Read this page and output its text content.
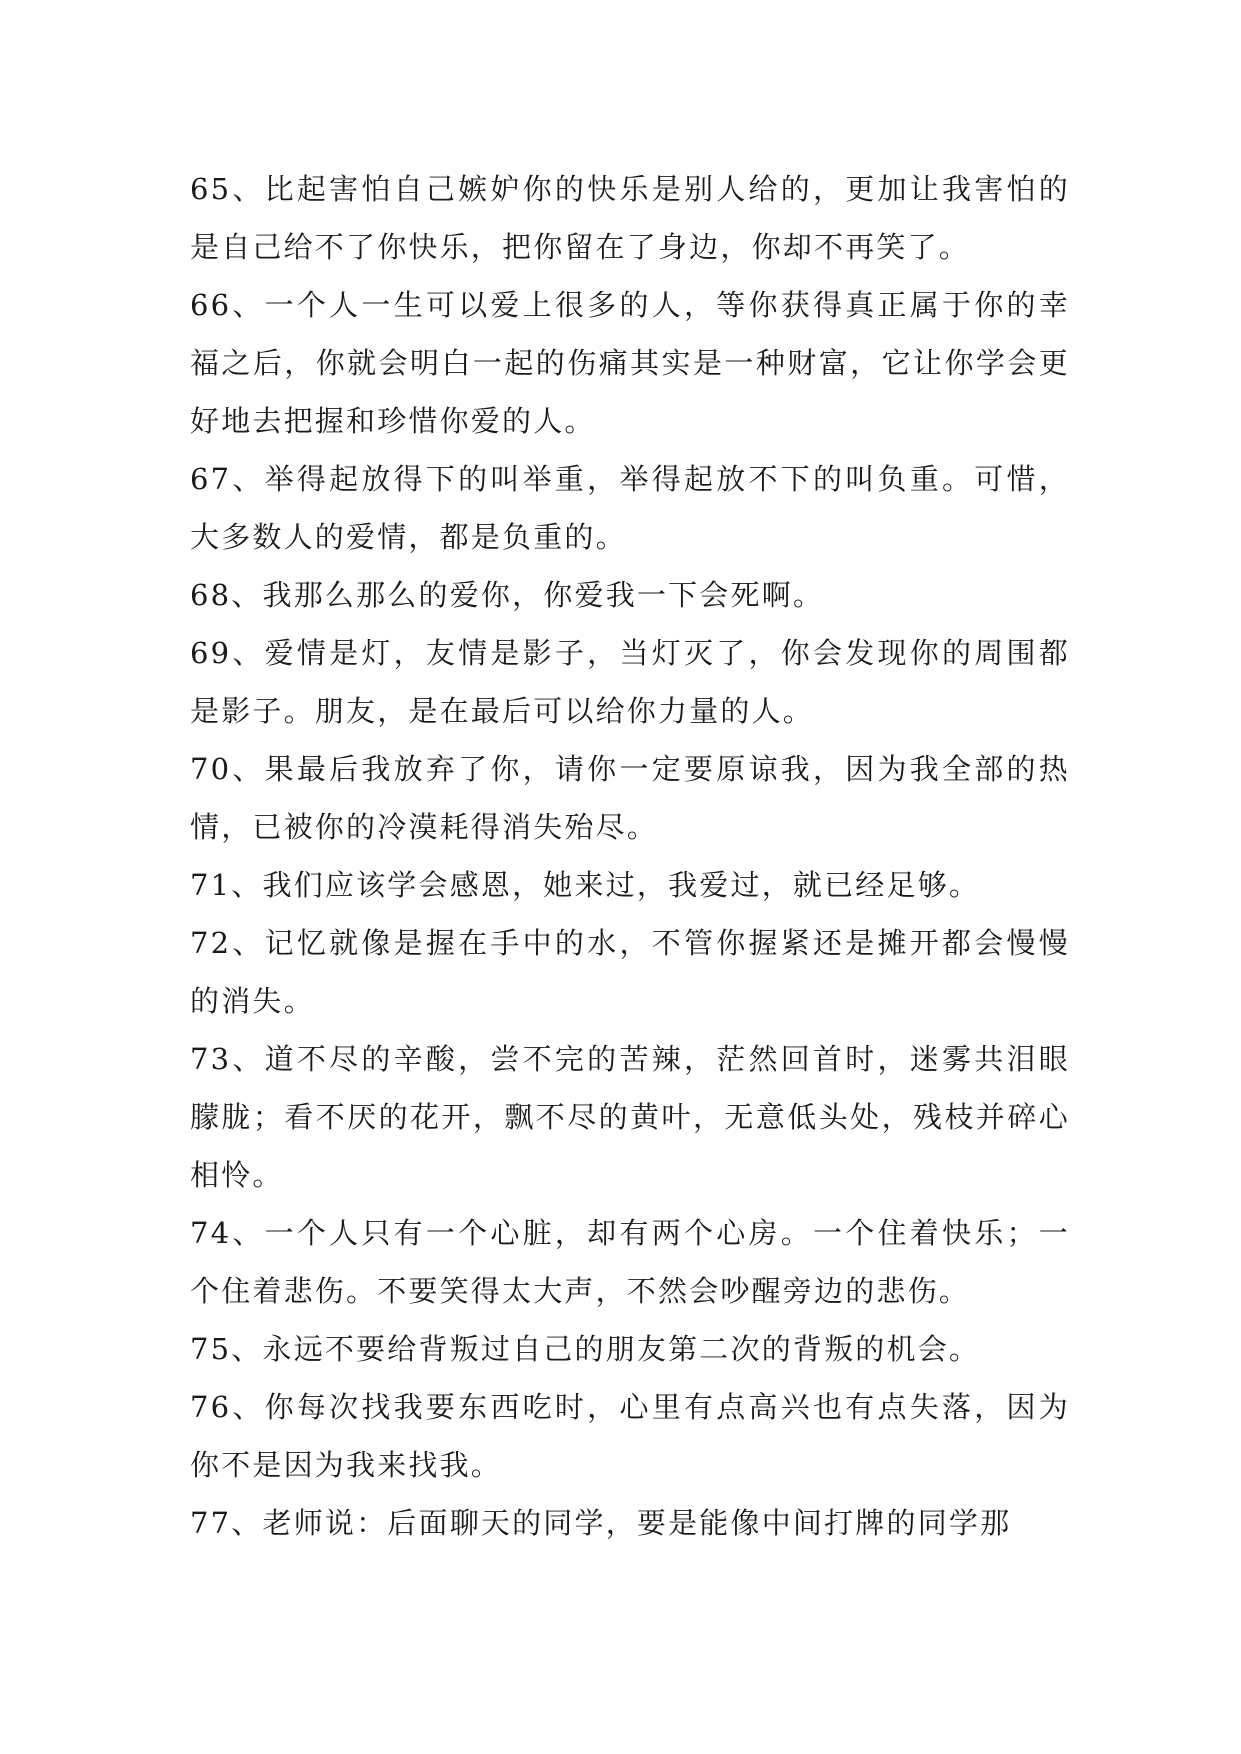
65、比起害怕自己嫉妒你的快乐是别人给的，更加让我害怕的是自己给不了你快乐，把你留在了身边，你却不再笑了。

66、一个人一生可以爱上很多的人，等你获得真正属于你的幸福之后，你就会明白一起的伤痛其实是一种财富，它让你学会更好地去把握和珍惜你爱的人。

67、举得起放得下的叫举重，举得起放不下的叫负重。可惜，大多数人的爱情，都是负重的。

68、我那么那么的爱你，你爱我一下会死啊。

69、爱情是灯，友情是影子，当灯灭了，你会发现你的周围都是影子。朋友，是在最后可以给你力量的人。

70、果最后我放弃了你，请你一定要原谅我，因为我全部的热情，已被你的冷漠耗得消失殆尽。

71、我们应该学会感恩，她来过，我爱过，就已经足够。

72、记忆就像是握在手中的水，不管你握紧还是摊开都会慢慢的消失。

73、道不尽的辛酸，尝不完的苦辣，茫然回首时，迷雾共泪眼朦胧；看不厌的花开，飘不尽的黄叶，无意低头处，残枝并碎心相怜。

74、一个人只有一个心脏，却有两个心房。一个住着快乐；一个住着悲伤。不要笑得太大声，不然会吵醒旁边的悲伤。

75、永远不要给背叛过自己的朋友第二次的背叛的机会。

76、你每次找我要东西吃时，心里有点高兴也有点失落，因为你不是因为我来找我。

77、老师说：后面聊天的同学，要是能像中间打牌的同学那
